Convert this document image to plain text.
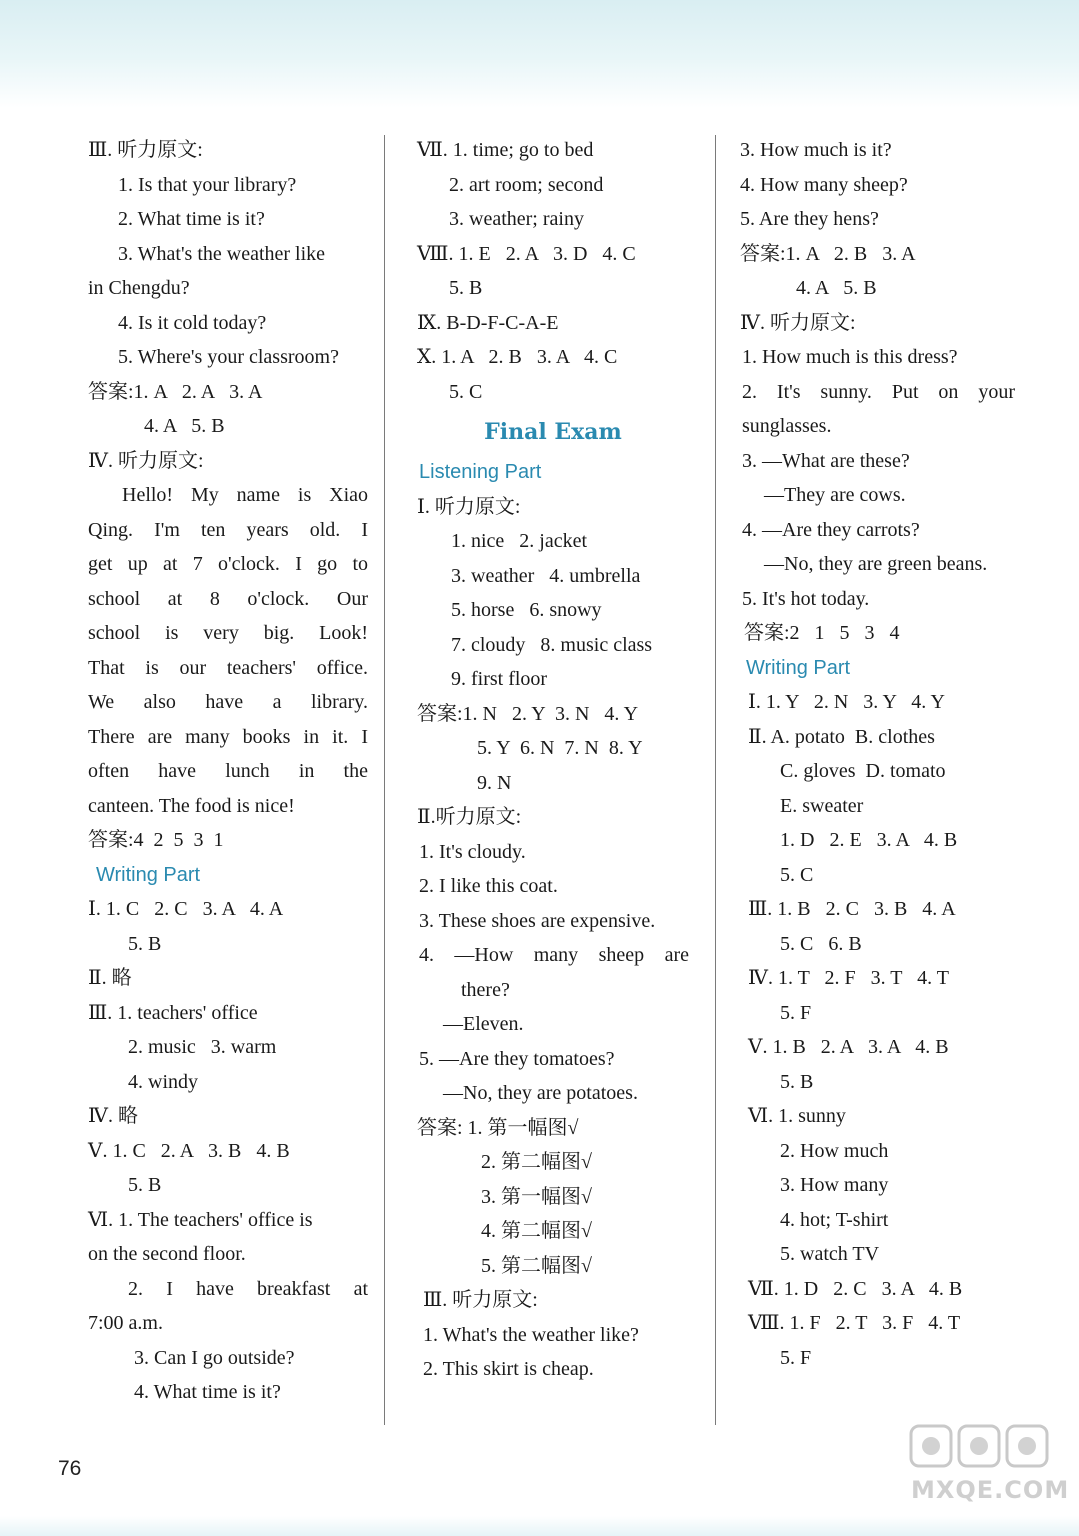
Ⅲ. 听力原文:
1. Is that your library?
2. What time is it?
3. What's the weather like
in Chengdu?
4. Is it cold today?
5. Where's your classroom?
答案:1. A   2. A   3. A
4. A   5. B
Ⅳ. 听力原文:
Hello! My name is Xiao
Qing. I'm ten years old. I
get up at 7 o'clock. I go to
school at 8 o'clock. Our
school is very big. Look!
That is our teachers' office.
We also have a library.
There are many books in it. I
often have lunch in the
canteen. The food is nice!
答案:4  2  5  3  1
Writing Part
Ⅰ. 1. C   2. C   3. A   4. A
5. B
Ⅱ. 略
Ⅲ. 1. teachers' office
2. music   3. warm
4. windy
Ⅳ. 略
Ⅴ. 1. C   2. A   3. B   4. B
5. B
Ⅵ. 1. The teachers' office is
on the second floor.
2. I have breakfast at
7:00 a.m.
3. Can I go outside?
4. What time is it?
Ⅶ. 1. time; go to bed
2. art room; second
3. weather; rainy
Ⅷ. 1. E   2. A   3. D   4. C
5. B
Ⅸ. B-D-F-C-A-E
Ⅹ. 1. A   2. B   3. A   4. C
5. C
Final Exam
Listening Part
Ⅰ. 听力原文:
1. nice   2. jacket
3. weather   4. umbrella
5. horse   6. snowy
7. cloudy   8. music class
9. first floor
答案:1. N   2. Y  3. N   4. Y
5. Y  6. N  7. N  8. Y
9. N
Ⅱ.听力原文:
1. It's cloudy.
2. I like this coat.
3. These shoes are expensive.
4. —How many sheep are
there?
—Eleven.
5. —Are they tomatoes?
—No, they are potatoes.
答案: 1. 第一幅图√
2. 第二幅图√
3. 第一幅图√
4. 第二幅图√
5. 第二幅图√
Ⅲ. 听力原文:
1. What's the weather like?
2. This skirt is cheap.
3. How much is it?
4. How many sheep?
5. Are they hens?
答案:1. A   2. B   3. A
4. A   5. B
Ⅳ. 听力原文:
1. How much is this dress?
2. It's sunny. Put on your
sunglasses.
3. —What are these?
—They are cows.
4. —Are they carrots?
—No, they are green beans.
5. It's hot today.
答案:2   1   5   3   4
Writing Part
Ⅰ. 1. Y   2. N   3. Y   4. Y
Ⅱ. A. potato  B. clothes
C. gloves  D. tomato
E. sweater
1. D   2. E   3. A   4. B
5. C
Ⅲ. 1. B   2. C   3. B   4. A
5. C   6. B
Ⅳ. 1. T   2. F   3. T   4. T
5. F
Ⅴ. 1. B   2. A   3. A   4. B
5. B
Ⅵ. 1. sunny
2. How much
3. How many
4. hot; T-shirt
5. watch TV
Ⅶ. 1. D   2. C   3. A   4. B
Ⅷ. 1. F   2. T   3. F   4. T
5. F
76
MXQE.COM
